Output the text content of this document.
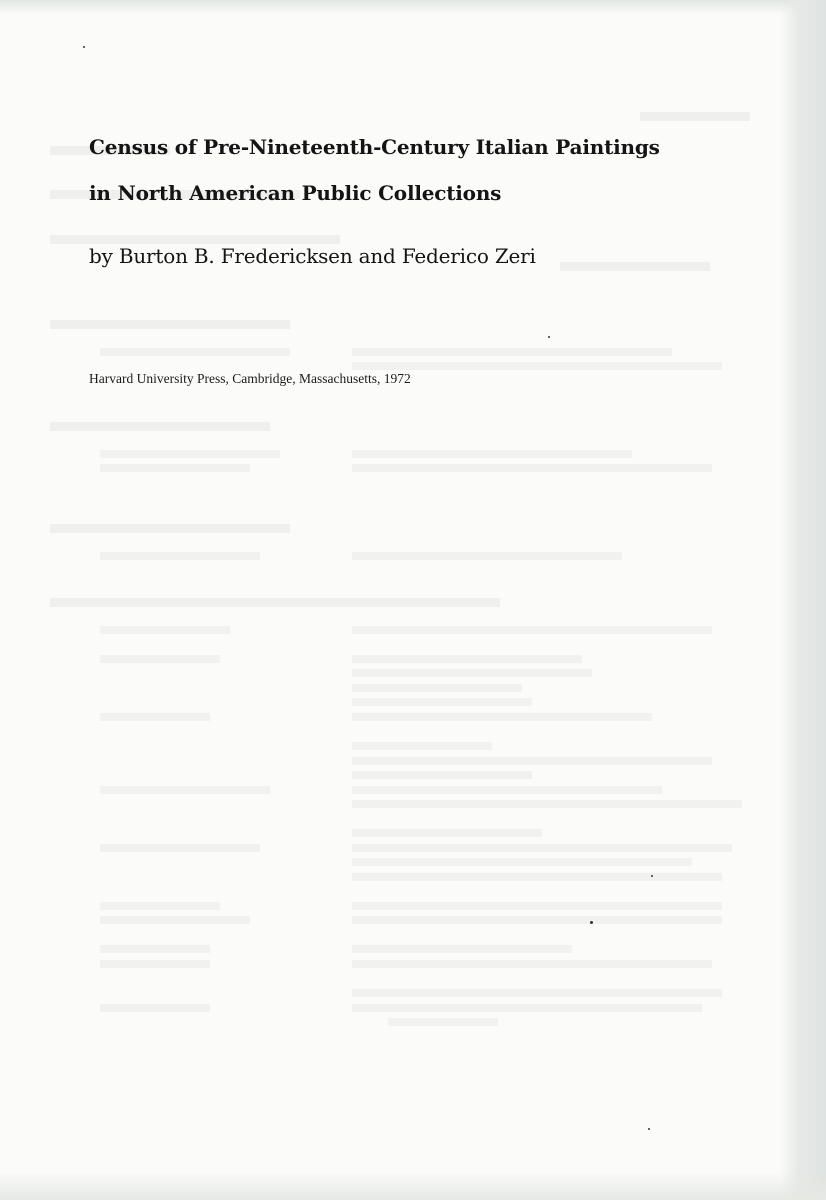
Census of Pre-Nineteenth-Century Italian Paintings

in North American Public Collections

by Burton B. Fredericksen and Federico Zeri
Harvard University Press, Cambridge, Massachusetts, 1972
